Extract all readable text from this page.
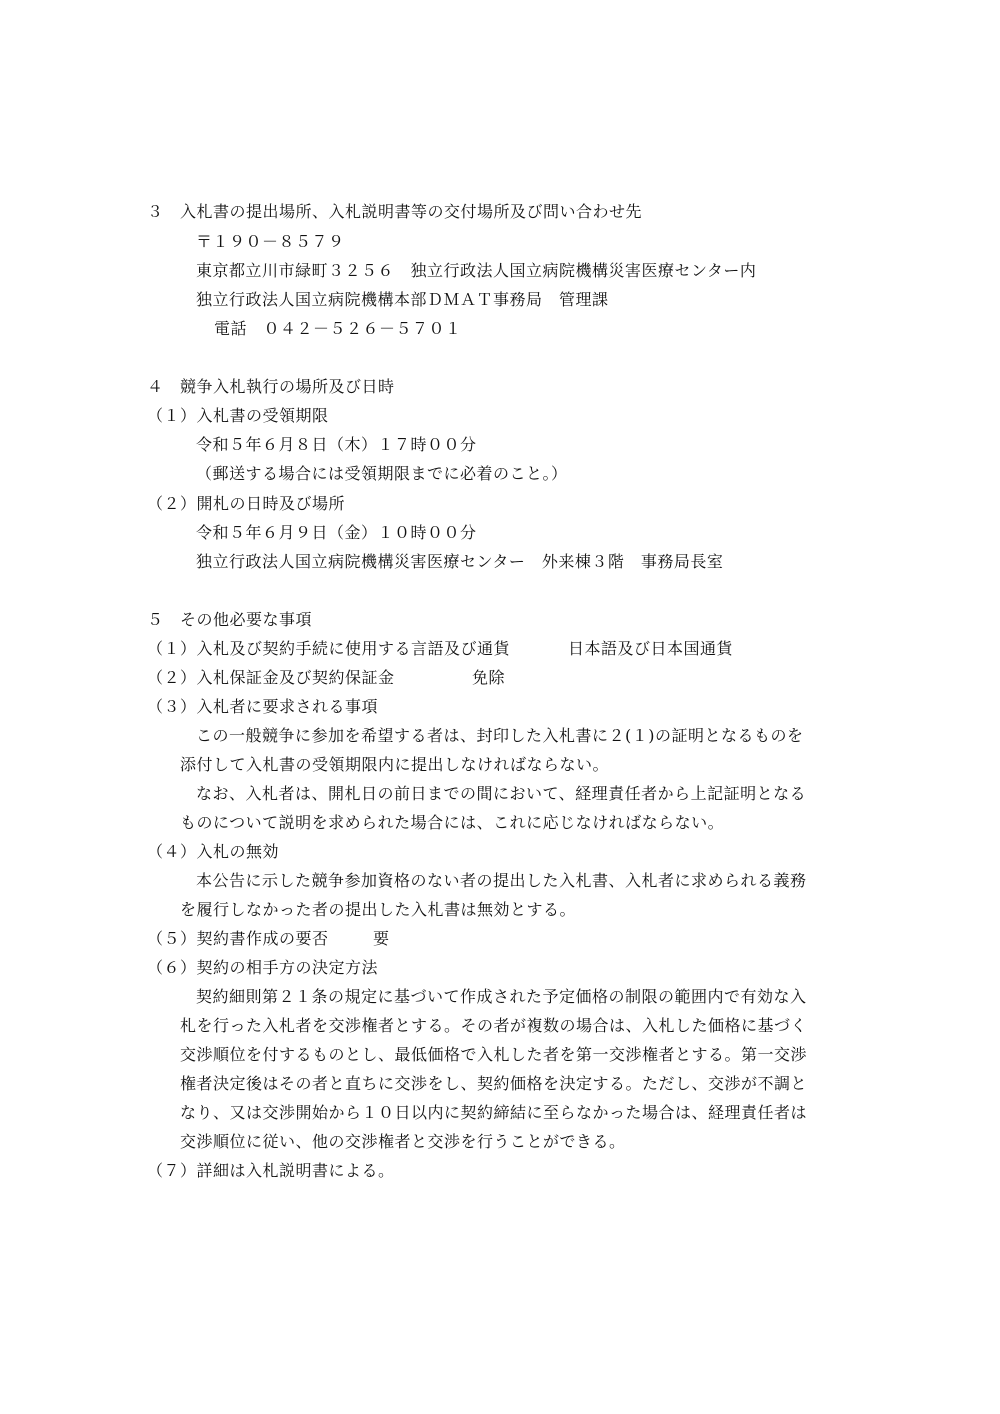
３　入札書の提出場所、入札説明書等の交付場所及び問い合わせ先
〒１９０－８５７９
東京都立川市緑町３２５６　独立行政法人国立病院機構災害医療センター内
独立行政法人国立病院機構本部ＤＭＡＴ事務局　管理課
電話　０４２－５２６－５７０１
４　競争入札執行の場所及び日時
（１）入札書の受領期限
令和５年６月８日（木）１７時００分
（郵送する場合には受領期限までに必着のこと。）
（２）開札の日時及び場所
令和５年６月９日（金）１０時００分
独立行政法人国立病院機構災害医療センター　外来棟３階　事務局長室
５　その他必要な事項
（１）入札及び契約手続に使用する言語及び通貨	日本語及び日本国通貨
（２）入札保証金及び契約保証金	免除
（３）入札者に要求される事項
この一般競争に参加を希望する者は、封印した入札書に２(１)の証明となるものを
添付して入札書の受領期限内に提出しなければならない。
なお、入札者は、開札日の前日までの間において、経理責任者から上記証明となる
ものについて説明を求められた場合には、これに応じなければならない。
（４）入札の無効
本公告に示した競争参加資格のない者の提出した入札書、入札者に求められる義務
を履行しなかった者の提出した入札書は無効とする。
（５）契約書作成の要否	要
（６）契約の相手方の決定方法
契約細則第２１条の規定に基づいて作成された予定価格の制限の範囲内で有効な入
札を行った入札者を交渉権者とする。その者が複数の場合は、入札した価格に基づく
交渉順位を付するものとし、最低価格で入札した者を第一交渉権者とする。第一交渉
権者決定後はその者と直ちに交渉をし、契約価格を決定する。ただし、交渉が不調と
なり、又は交渉開始から１０日以内に契約締結に至らなかった場合は、経理責任者は
交渉順位に従い、他の交渉権者と交渉を行うことができる。
（７）詳細は入札説明書による。
